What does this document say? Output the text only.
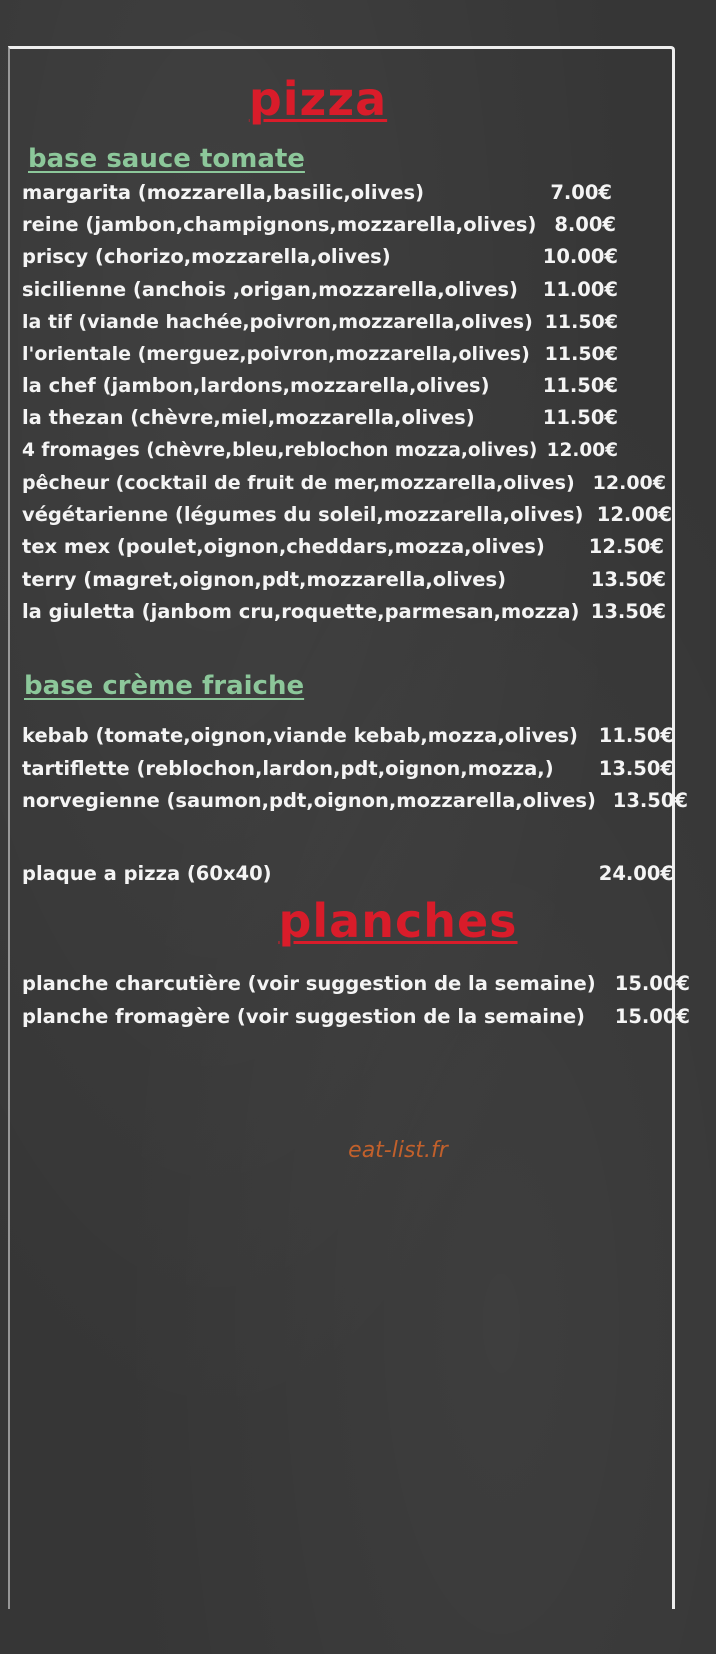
pizza
base sauce tomate
margarita (mozzarella,basilic,olives)	7.00€
reine (jambon,champignons,mozzarella,olives) 8.00€
priscy (chorizo,mozzarella,olives)	10.00€
sicilienne (anchois ,origan,mozzarella,olives) 11.00€
la tif (viande hachée,poivron,mozzarella,olives) 11.50€
l'orientale (merguez,poivron,mozzarella,olives) 11.50€
la chef (jambon,lardons,mozzarella,olives)	11.50€
la thezan (chèvre,miel,mozzarella,olives)	11.50€
4 fromages (chèvre,bleu,reblochon mozza,olives) 12.00€
pêcheur (cocktail de fruit de mer,mozzarella,olives) 12.00€
végétarienne (légumes du soleil,mozzarella,olives) 12.00€
tex mex (poulet,oignon,cheddars,mozza,olives) 12.50€
terry (magret,oignon,pdt,mozzarella,olives)	13.50€
la giuletta (janbom cru,roquette,parmesan,mozza) 13.50€
base crème fraiche
kebab (tomate,oignon,viande kebab,mozza,olives) 11.50€
tartiflette (reblochon,lardon,pdt,oignon,mozza,) 13.50€
norvegienne (saumon,pdt,oignon,mozzarella,olives) 13.50€
plaque a pizza (60x40)	24.00€
planches
planche charcutière (voir suggestion de la semaine) 15.00€
planche fromagère (voir suggestion de la semaine) 15.00€
eat-list.fr
